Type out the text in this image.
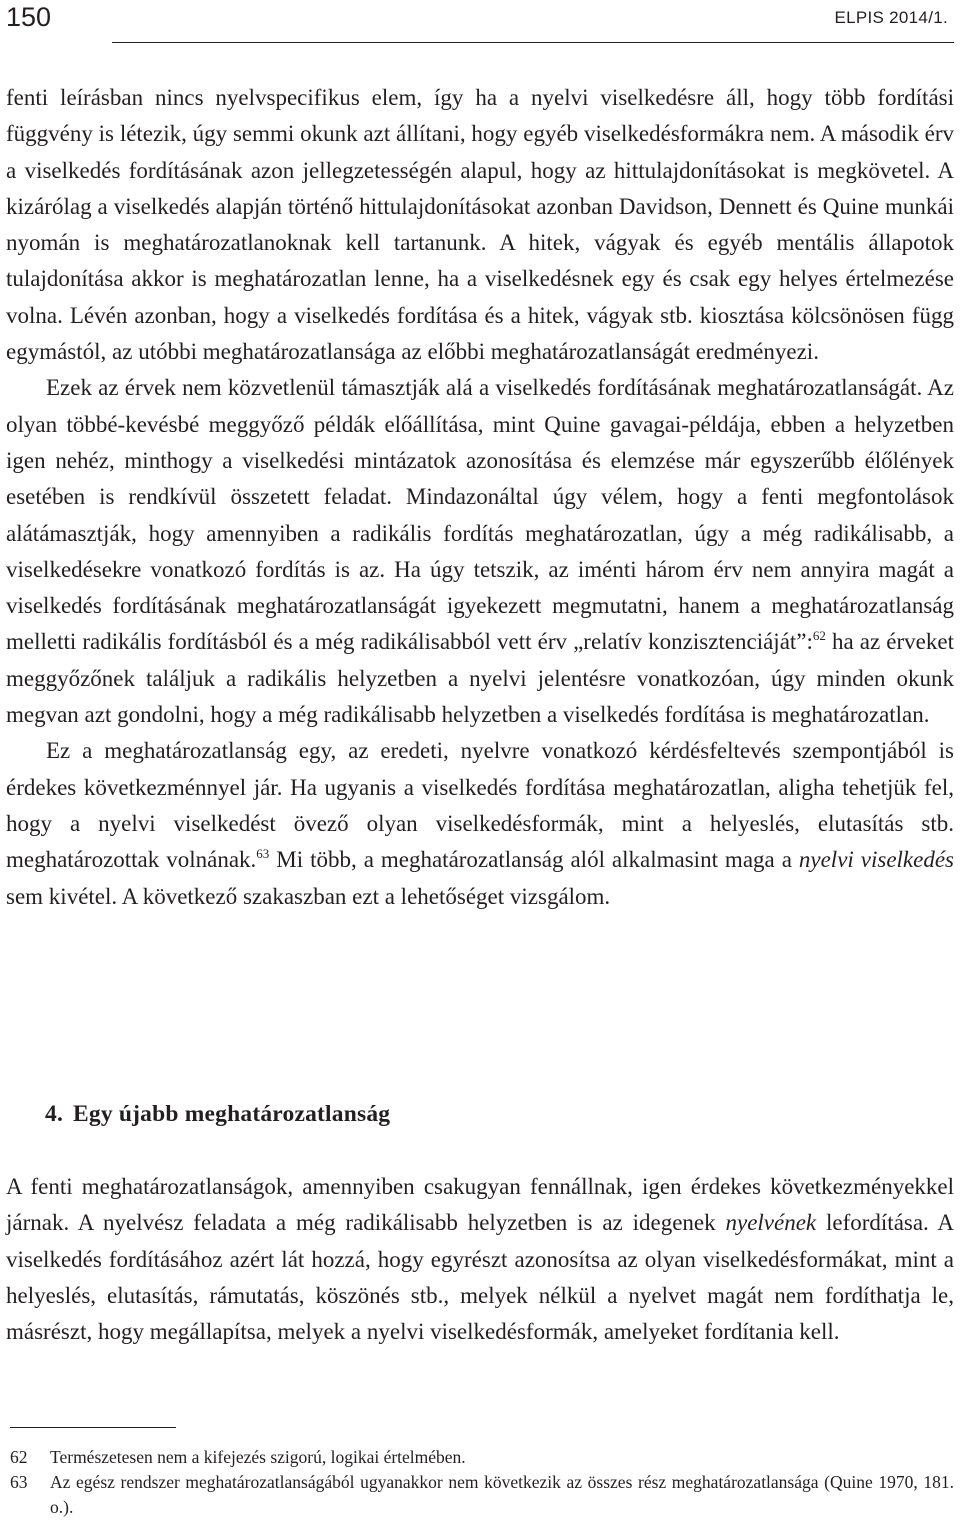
150	ELPIS 2014/1.

fenti leírásban nincs nyelvspecifikus elem, így ha a nyelvi viselkedésre áll, hogy több fordítási függvény is létezik, úgy semmi okunk azt állítani, hogy egyéb viselkedésformákra nem. A második érv a viselkedés fordításának azon jellegzetességén alapul, hogy az hittulajdonításokat is megkövetel. A kizárólag a viselkedés alapján történő hittulajdonításokat azonban Davidson, Dennett és Quine munkái nyomán is meghatározatlanoknak kell tartanunk. A hitek, vágyak és egyéb mentális állapotok tulajdonítása akkor is meghatározatlan lenne, ha a viselkedésnek egy és csak egy helyes értelmezése volna. Lévén azonban, hogy a viselkedés fordítása és a hitek, vágyak stb. kiosztása kölcsönösen függ egymástól, az utóbbi meghatározatlansága az előbbi meghatározatlanságát eredményezi.

Ezek az érvek nem közvetlenül támasztják alá a viselkedés fordításának meghatározatlanságát. Az olyan többé-kevésbé meggyőző példák előállítása, mint Quine gavagai-példája, ebben a helyzetben igen nehéz, minthogy a viselkedési mintázatok azonosítása és elemzése már egyszerűbb élőlények esetében is rendkívül összetett feladat. Mindazonáltal úgy vélem, hogy a fenti megfontolások alátámasztják, hogy amennyiben a radikális fordítás meghatározatlan, úgy a még radikálisabb, a viselkedésekre vonatkozó fordítás is az. Ha úgy tetszik, az iménti három érv nem annyira magát a viselkedés fordításának meghatározatlanságát igyekezett megmutatni, hanem a meghatározatlanság melletti radikális fordításból és a még radikálisabból vett érv „relatív konzisztenciáját”:$^{62}$ ha az érveket meggyőzőnek találjuk a radikális helyzetben a nyelvi jelentésre vonatkozóan, úgy minden okunk megvan azt gondolni, hogy a még radikálisabb helyzetben a viselkedés fordítása is meghatározatlan.

Ez a meghatározatlanság egy, az eredeti, nyelvre vonatkozó kérdésfeltevés szempontjából is érdekes következménnyel jár. Ha ugyanis a viselkedés fordítása meghatározatlan, aligha tehetjük fel, hogy a nyelvi viselkedést övező olyan viselkedésformák, mint a helyeslés, elutasítás stb. meghatározottak volnának.$^{63}$ Mi több, a meghatározatlanság alól alkalmasint maga a nyelvi viselkedés sem kivétel. A következő szakaszban ezt a lehetőséget vizsgálom.

4. Egy újabb meghatározatlanság

A fenti meghatározatlanságok, amennyiben csakugyan fennállnak, igen érdekes következményekkel járnak. A nyelvész feladata a még radikálisabb helyzetben is az idegenek nyelvének lefordítása. A viselkedés fordításához azért lát hozzá, hogy egyrészt azonosítsa az olyan viselkedésformákat, mint a helyeslés, elutasítás, rámutatás, köszönés stb., melyek nélkül a nyelvet magát nem fordíthatja le, másrészt, hogy megállapítsa, melyek a nyelvi viselkedésformák, amelyeket fordítania kell.

62	Természetesen nem a kifejezés szigorú, logikai értelmében.
63	Az egész rendszer meghatározatlanságából ugyanakkor nem következik az összes rész meghatározatlansága (Quine 1970, 181. o.).
